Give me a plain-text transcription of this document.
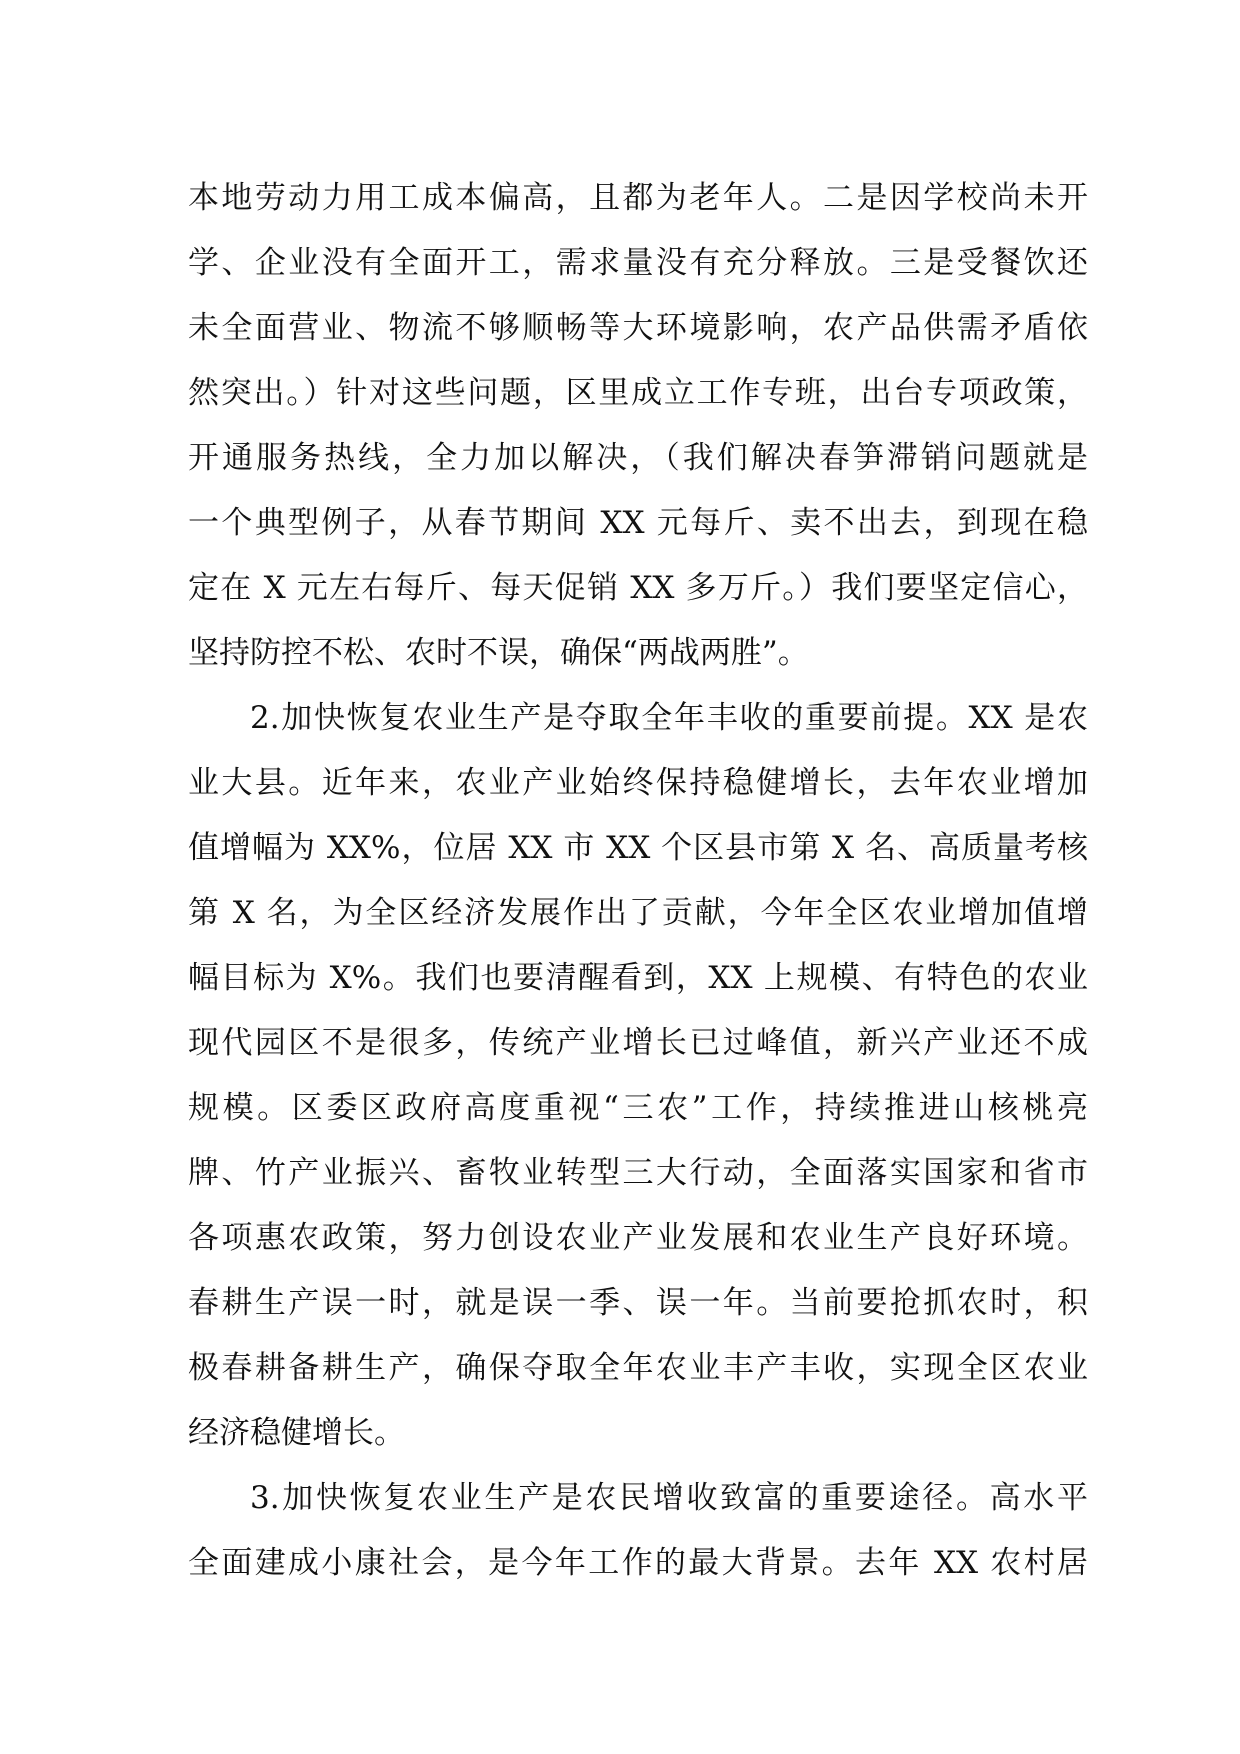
本地劳动力用工成本偏高，且都为老年人。二是因学校尚未开
学、企业没有全面开工，需求量没有充分释放。三是受餐饮还
未全面营业、物流不够顺畅等大环境影响，农产品供需矛盾依
然突出。）针对这些问题，区里成立工作专班，出台专项政策，
开通服务热线，全力加以解决，（我们解决春笋滞销问题就是
一个典型例子，从春节期间 XX 元每斤、卖不出去，到现在稳
定在 X 元左右每斤、每天促销 XX 多万斤。）我们要坚定信心，
坚持防控不松、农时不误，确保“两战两胜”。
2.加快恢复农业生产是夺取全年丰收的重要前提。XX 是农
业大县。近年来，农业产业始终保持稳健增长，去年农业增加
值增幅为 XX%，位居 XX 市 XX 个区县市第 X 名、高质量考核
第 X 名，为全区经济发展作出了贡献，今年全区农业增加值增
幅目标为 X%。我们也要清醒看到，XX 上规模、有特色的农业
现代园区不是很多，传统产业增长已过峰值，新兴产业还不成
规模。区委区政府高度重视“三农”工作，持续推进山核桃亮
牌、竹产业振兴、畜牧业转型三大行动，全面落实国家和省市
各项惠农政策，努力创设农业产业发展和农业生产良好环境。
春耕生产误一时，就是误一季、误一年。当前要抢抓农时，积
极春耕备耕生产，确保夺取全年农业丰产丰收，实现全区农业
经济稳健增长。
3.加快恢复农业生产是农民增收致富的重要途径。高水平
全面建成小康社会，是今年工作的最大背景。去年 XX 农村居
